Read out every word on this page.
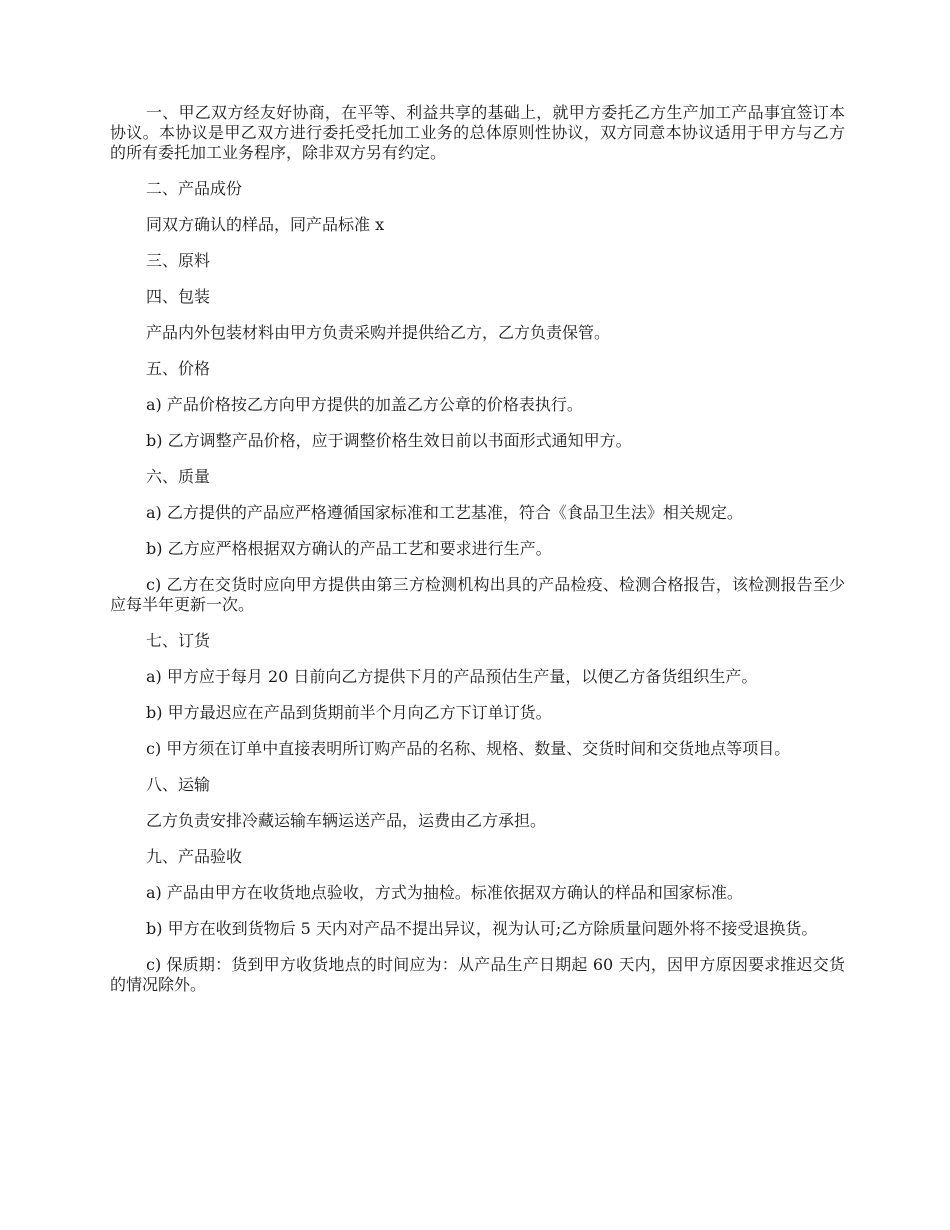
一、甲乙双方经友好协商，在平等、利益共享的基础上，就甲方委托乙方生产加工产品事宜签订本协议。本协议是甲乙双方进行委托受托加工业务的总体原则性协议，双方同意本协议适用于甲方与乙方的所有委托加工业务程序，除非双方另有约定。

二、产品成份

同双方确认的样品，同产品标准 x

三、原料

四、包装

产品内外包装材料由甲方负责采购并提供给乙方，乙方负责保管。

五、价格

a) 产品价格按乙方向甲方提供的加盖乙方公章的价格表执行。

b) 乙方调整产品价格，应于调整价格生效日前以书面形式通知甲方。

六、质量

a) 乙方提供的产品应严格遵循国家标准和工艺基准，符合《食品卫生法》相关规定。

b) 乙方应严格根据双方确认的产品工艺和要求进行生产。

c) 乙方在交货时应向甲方提供由第三方检测机构出具的产品检疫、检测合格报告，该检测报告至少应每半年更新一次。

七、订货

a) 甲方应于每月 20 日前向乙方提供下月的产品预估生产量，以便乙方备货组织生产。

b) 甲方最迟应在产品到货期前半个月向乙方下订单订货。

c) 甲方须在订单中直接表明所订购产品的名称、规格、数量、交货时间和交货地点等项目。

八、运输

乙方负责安排冷藏运输车辆运送产品，运费由乙方承担。

九、产品验收

a) 产品由甲方在收货地点验收，方式为抽检。标准依据双方确认的样品和国家标准。

b) 甲方在收到货物后 5 天内对产品不提出异议，视为认可;乙方除质量问题外将不接受退换货。

c) 保质期：货到甲方收货地点的时间应为：从产品生产日期起 60 天内，因甲方原因要求推迟交货的情况除外。
